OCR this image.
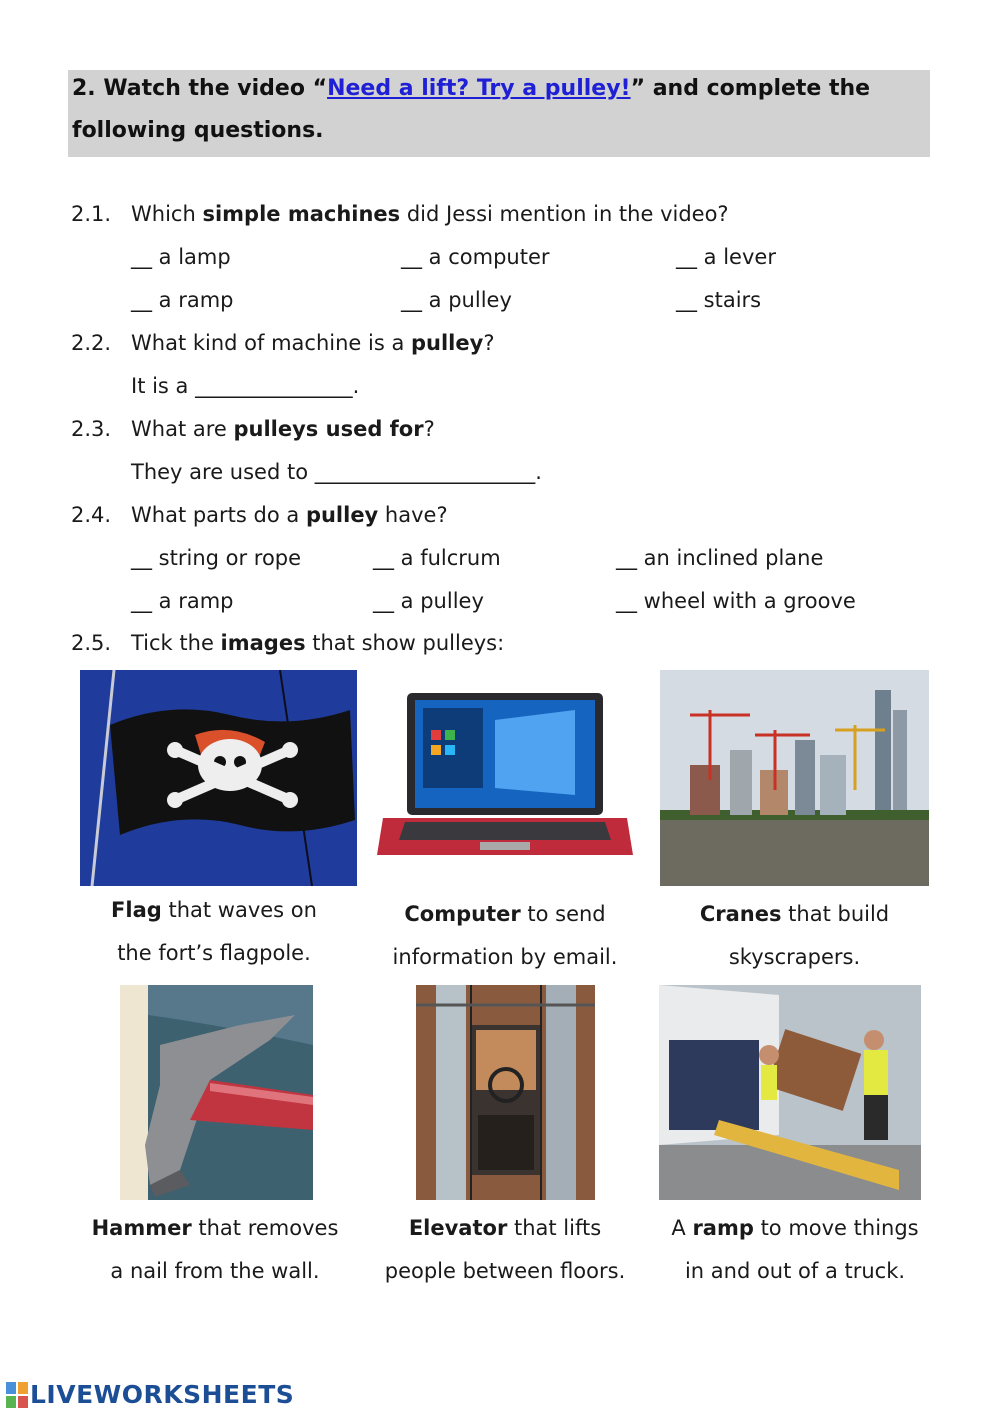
2. Watch the video “Need a lift? Try a pulley!” and complete the following questions.
2.1. Which simple machines did Jessi mention in the video?
__ a lamp	__ a computer	__ a lever
__ a ramp	__ a pulley	__ stairs
2.2. What kind of machine is a pulley?
It is a _______________.
2.3. What are pulleys used for?
They are used to _____________________.
2.4. What parts do a pulley have?
__ string or rope	__ a fulcrum	__ an inclined plane
__ a ramp	__ a pulley	__ wheel with a groove
2.5. Tick the images that show pulleys:
Flag that waves on
the fort’s flagpole.
Computer to send
information by email.
Cranes that build
skyscrapers.
Hammer that removes
a nail from the wall.
Elevator that lifts
people between floors.
A ramp to move things
in and out of a truck.
LIVEWORKSHEETS
